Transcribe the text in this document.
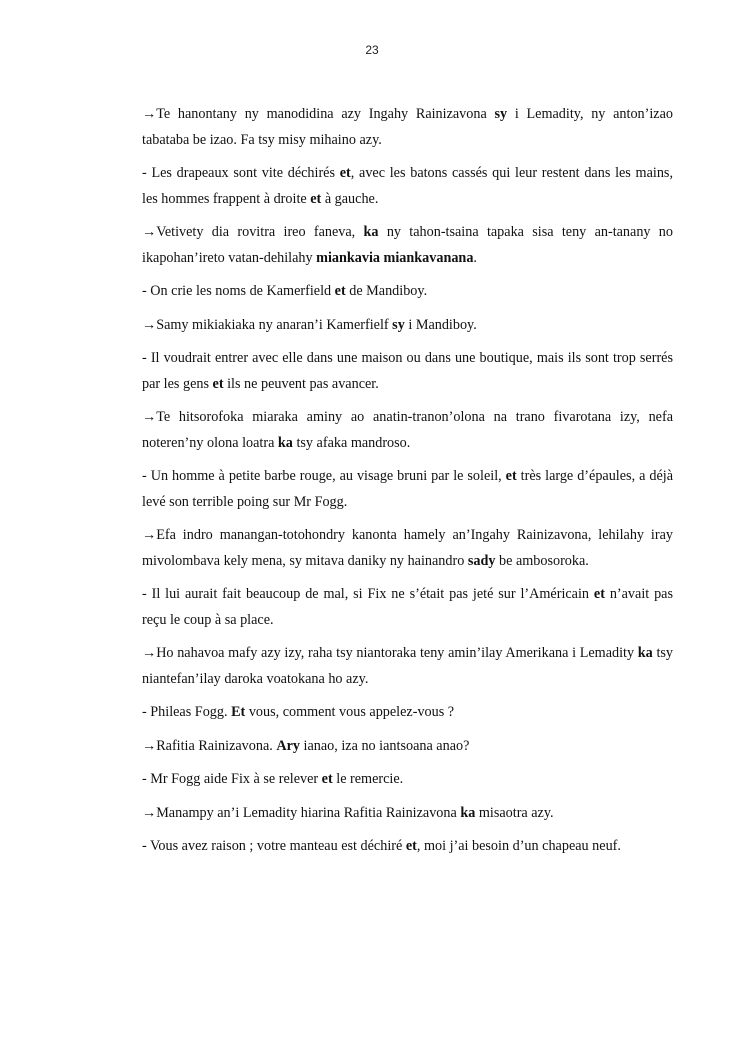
23

→Te hanontany ny manodidina azy Ingahy Rainizavona sy i Lemadity, ny anton’izao tabataba be izao. Fa tsy misy mihaino azy.

- Les drapeaux sont vite déchirés et, avec les batons cassés qui leur restent dans les mains, les hommes frappent à droite et à gauche.

→Vetivety dia rovitra ireo faneva, ka ny tahon-tsaina tapaka sisa teny an-tanany no ikapohan’ireto vatan-dehilahy miankavia miankavanana.

- On crie les noms de Kamerfield et de Mandiboy.

→Samy mikiakiaka ny anaran’i Kamerfielf sy i Mandiboy.

- Il voudrait entrer avec elle dans une maison ou dans une boutique, mais ils sont trop serrés par les gens et ils ne peuvent pas avancer.

→Te hitsorofoka miaraka aminy ao anatin-tranon’olona na trano fivarotana izy, nefa noteren’ny olona loatra ka tsy afaka mandroso.

- Un homme à petite barbe rouge, au visage bruni par le soleil, et très large d’épaules, a déjà levé son terrible poing sur Mr Fogg.

→Efa indro manangan-totohondry kanonta hamely an’Ingahy Rainizavona, lehilahy iray mivolombava kely mena, sy mitava daniky ny hainandro sady be ambosoroka.

- Il lui aurait fait beaucoup de mal, si Fix ne s’était pas jeté sur l’Américain et n’avait pas reçu le coup à sa place.

→Ho nahavoa mafy azy izy, raha tsy niantoraka teny amin’ilay Amerikana i Lemadity ka tsy niantefan’ilay daroka voatokana ho azy.

- Phileas Fogg. Et vous, comment vous appelez-vous ?

→Rafitia Rainizavona. Ary ianao, iza no iantsoana anao?

- Mr Fogg aide Fix à se relever et le remercie.

→Manampy an’i Lemadity hiarina Rafitia Rainizavona ka misaotra azy.

- Vous avez raison ; votre manteau est déchiré et, moi j’ai besoin d’un chapeau neuf.
